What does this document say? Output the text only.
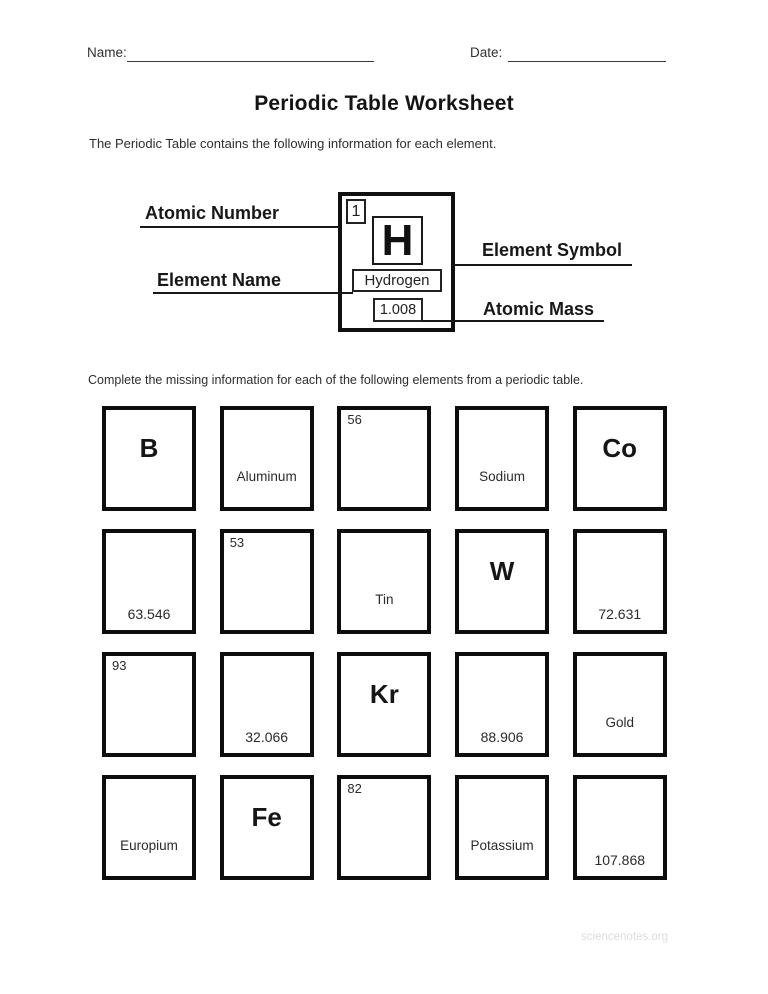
Name:	Date:
Periodic Table Worksheet
The Periodic Table contains the following information for each element.
1
H
Hydrogen
1.008
Atomic Number
Element Symbol
Element Name
Atomic Mass
Complete the missing information for each of the following elements from a periodic table.
B
Aluminum
56
Sodium
Co
63.546
53
Tin
W
72.631
93
32.066
Kr
88.906
Gold
Europium
Fe
82
Potassium
107.868
sciencenotes.org
